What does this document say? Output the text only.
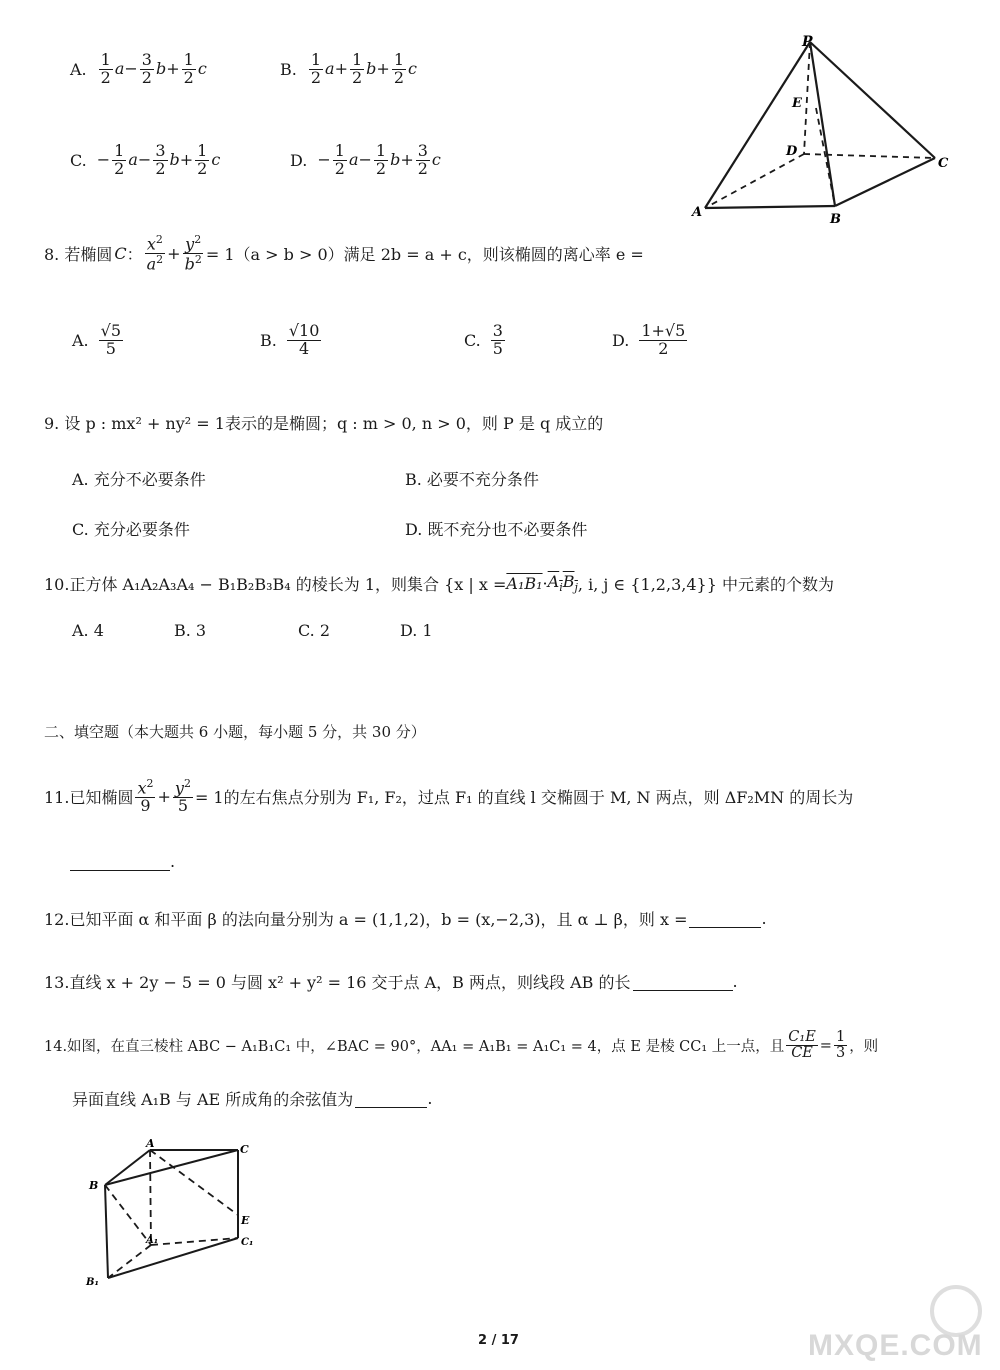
A. $\frac{1}{2} a- \frac{3}{2} b+ \frac{1}{2}$ c	B. $\frac{1}{2} a+ \frac{1}{2} b+ \frac{1}{2}$ c
C. − $\frac{1}{2} a- \frac{3}{2} b+ \frac{1}{2}$ c	D. − $\frac{1}{2} a- \frac{1}{2} b+ \frac{3}{2}$ c
P
E
D
C
A	B
8. 若椭圆 C ： $\frac{x^2}{a^2} + \frac{y^2}{b^2} = 1(a > b > 0)$满足 2b = a + c，则该椭圆的离心率 e =
A. $\frac{√5}{5}$	B. $\frac{√10}{4}$	C. $\frac{3}{5}$	D. $\frac{1+√5}{2}$
9. 设 p : mx² + ny² = 1表示的是椭圆；q : m > 0, n > 0，则 P 是 q 成立的
A. 充分不必要条件	B. 必要不充分条件
C. 充分必要条件	D. 既不充分也不必要条件
10.正方体 A₁A₂A₃A₄ − B₁B₂B₃B₄ 的棱长为 1，则集合 {x | $x = A_1B_1 \cdot A_iB_j$ , i, j ∈ {1,2,3,4}} 中元素的个数为
A. 4	B. 3	C. 2	D. 1
二、填空题（本大题共 6 小题，每小题 5 分，共 30 分）
11.已知椭圆 $\frac{x^2}{9} + \frac{y^2}{5} = 1$的左右焦点分别为 F₁, F₂，过点 F₁ 的直线 l 交椭圆于 M, N 两点，则 ΔF₂MN 的周长为
.
12.已知平面 α 和平面 β 的法向量分别为 a = (1,1,2)，b = (x,−2,3)，且 α ⊥ β，则 x =	.
13.直线 x + 2y − 5 = 0 与圆 x² + y² = 16 交于点 A，B 两点，则线段 AB 的长	.
14.如图，在直三棱柱 ABC − A₁B₁C₁ 中，∠BAC = 90°，AA₁ = A₁B₁ = A₁C₁ = 4，点 E 是棱 CC₁ 上一点，且 $\frac{\text{C₁E}}{CE} = \frac{1}{3}$ ，则
异面直线 A₁B 与 AE 所成角的余弦值为	.
A	C
B
E
A₁	C₁
B₁
2 / 17	MXQE.COM
